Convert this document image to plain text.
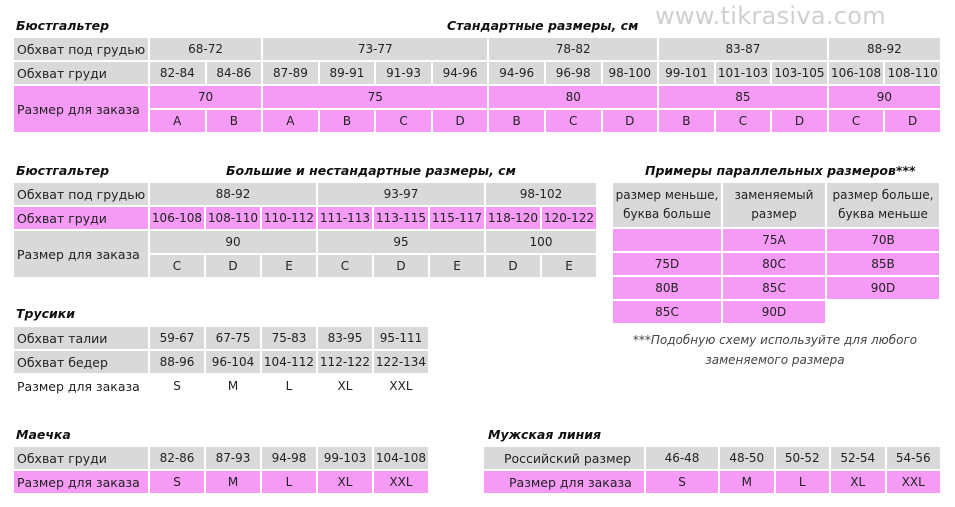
www.tikrasiva.com
Бюстгальтер	Стандартные размеры, см
Обхват под грудью	68-72		73-77				78-82			83-87			88-92	
Обхват груди	82-84	84-86	87-89	89-91	91-93	94-96	94-96	96-98	98-100	99-101	101-103	103-105	106-108	108-110
Размер для заказа	70		75				80			85			90	
	A	B	A	B	C	D	B	C	D	B	C	D	C	D
Бюстгальтер	Большие и нестандартные размеры, см
Обхват под грудью	88-92			93-97			98-102	
Обхват груди	106-108	108-110	110-112	111-113	113-115	115-117	118-120	120-122
Размер для заказа	90			95			100	
	C	D	E	C	D	E	D	E
Примеры параллельных размеров***
размер меньше, буква больше	заменяемый размер	размер больше, буква меньше
	75A	70B
75D	80C	85B
80B	85C	90D
85C	90D	
***Подобную схему используйте для любого заменяемого размера
Трусики
Обхват талии	59-67	67-75	75-83	83-95	95-111
Обхват бедер	88-96	96-104	104-112	112-122	122-134
Размер для заказа	S	M	L	XL	XXL
Маечка
Обхват груди	82-86	87-93	94-98	99-103	104-108
Размер для заказа	S	M	L	XL	XXL
Мужская линия
Российский размер	46-48	48-50	50-52	52-54	54-56
Размер для заказа	S	M	L	XL	XXL
